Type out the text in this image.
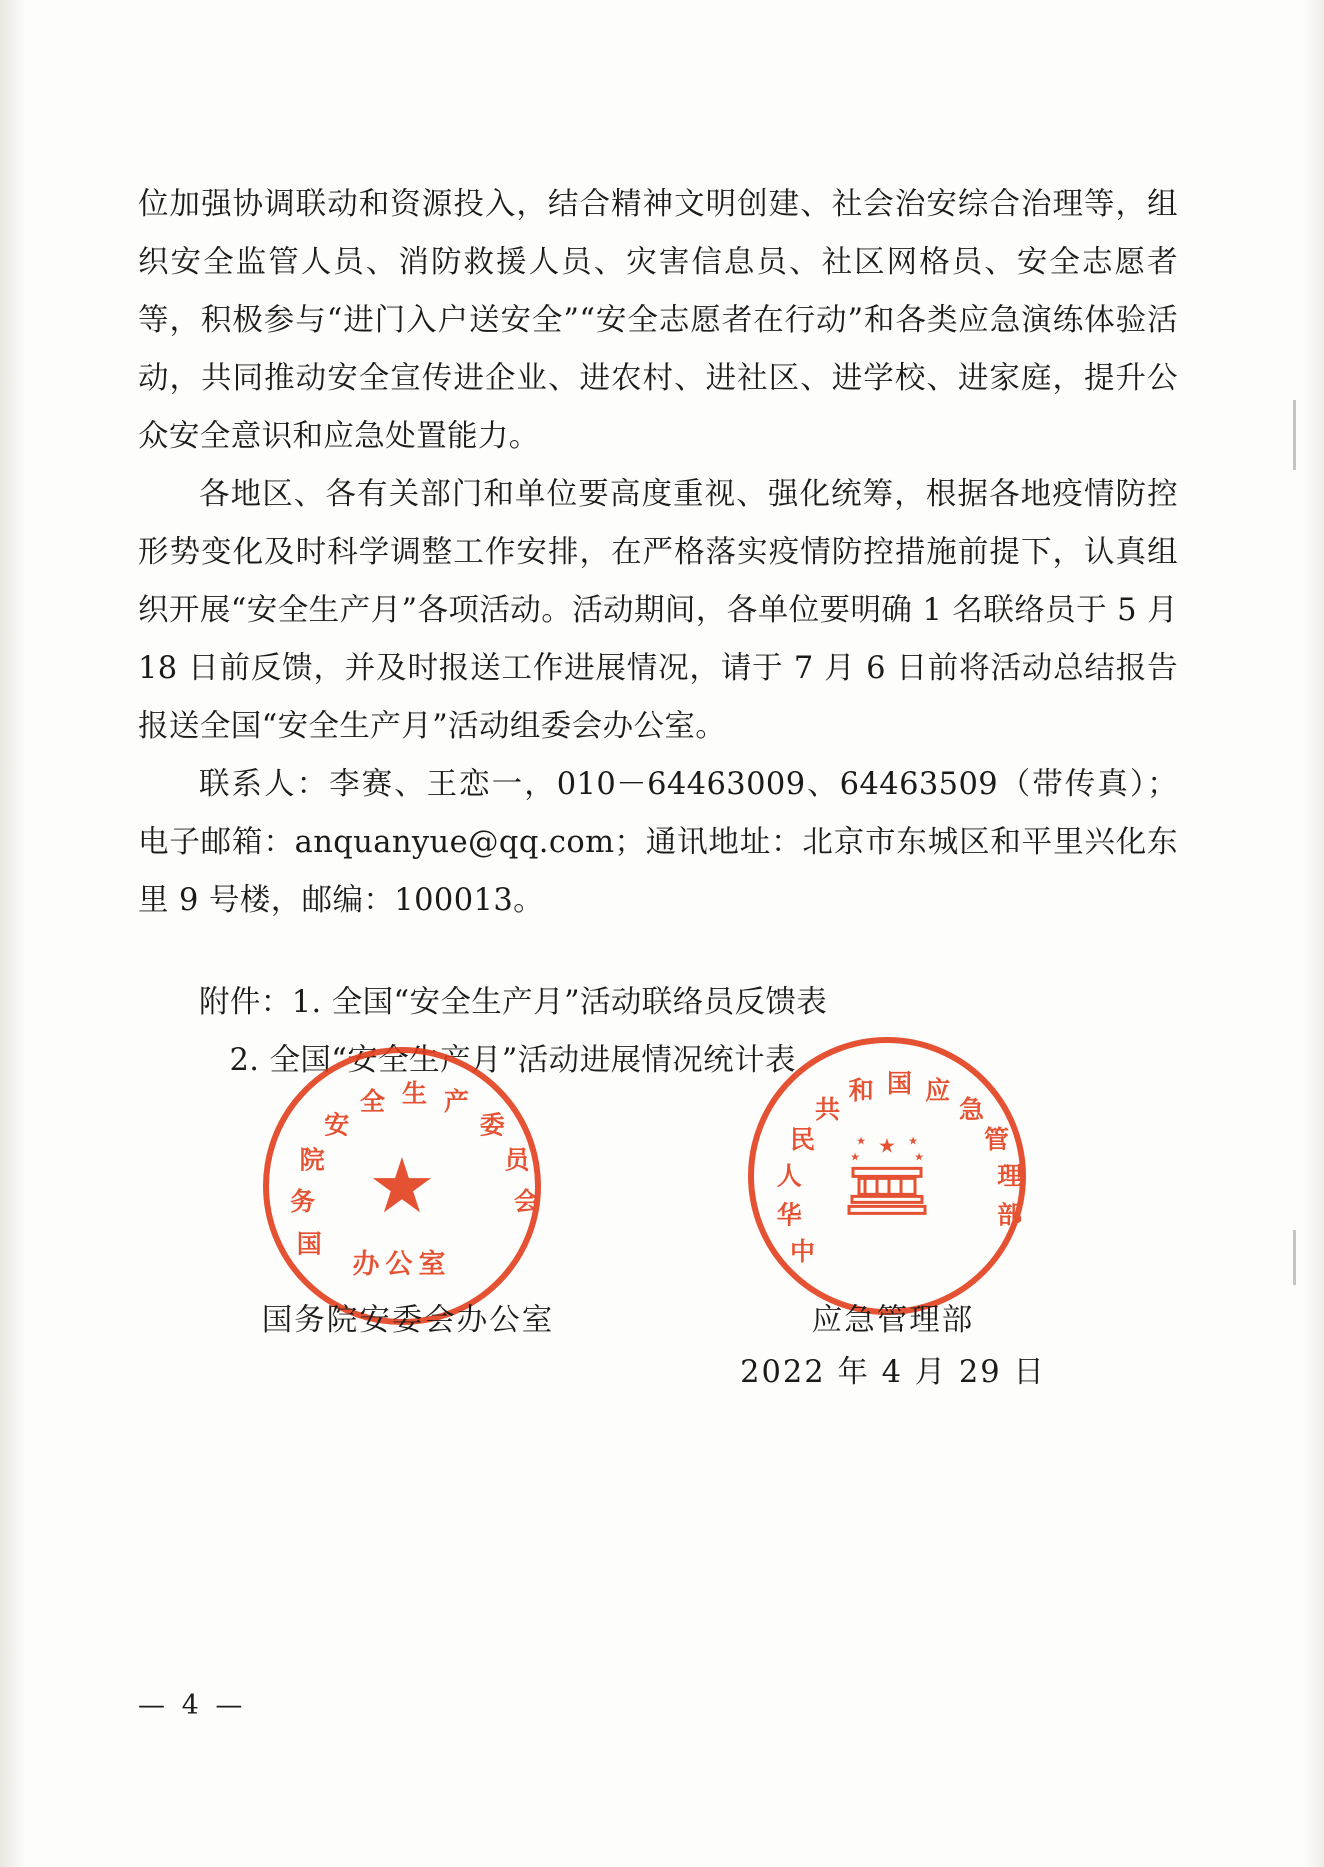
位加强协调联动和资源投入，结合精神文明创建、社会治安综合治理等，组织安全监管人员、消防救援人员、灾害信息员、社区网格员、安全志愿者等，积极参与“进门入户送安全”“安全志愿者在行动”和各类应急演练体验活动，共同推动安全宣传进企业、进农村、进社区、进学校、进家庭，提升公众安全意识和应急处置能力。

各地区、各有关部门和单位要高度重视、强化统筹，根据各地疫情防控形势变化及时科学调整工作安排，在严格落实疫情防控措施前提下，认真组织开展“安全生产月”各项活动。活动期间，各单位要明确 1 名联络员于 5 月 18 日前反馈，并及时报送工作进展情况，请于 7 月 6 日前将活动总结报告报送全国“安全生产月”活动组委会办公室。

联系人：李赛、王恋一，010－64463009、64463509（带传真）；电子邮箱：anquanyue@qq.com；通讯地址：北京市东城区和平里兴化东里 9 号楼，邮编：100013。

附件：1. 全国“安全生产月”活动联络员反馈表
2. 全国“安全生产月”活动进展情况统计表
国
务
院
安
全 生 产
委
员
会
★
办公室	中
华
人
民
共
和 国 应
急
管
理
部
★
★	★
★	★
国务院安委会办公室	应急管理部
2022 年 4 月 29 日
— 4 —
